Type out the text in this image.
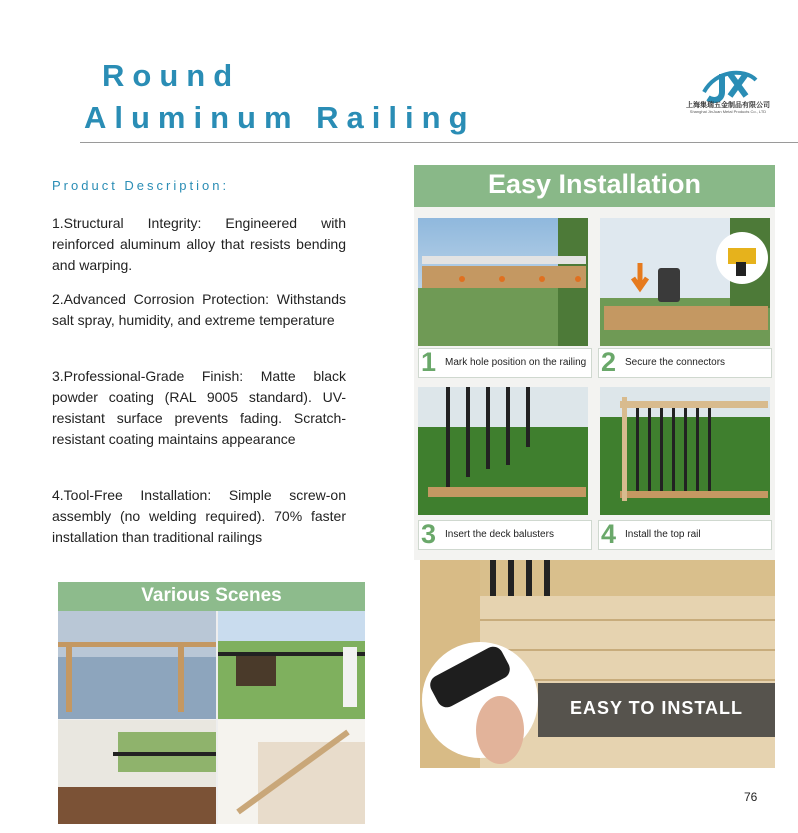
Round
Aluminum Railing	上海集瑞五金制品有限公司
Shanghai JinJuan Metal Products Co., LTD
Product Description:
1.Structural Integrity: Engineered with reinforced aluminum alloy that resists bending and warping.
2.Advanced Corrosion Protection: Withstands salt spray, humidity, and extreme temperature
3.Professional-Grade Finish: Matte black powder coating (RAL 9005 standard). UV-resistant surface prevents fading. Scratch-resistant coating maintains appearance
4.Tool-Free Installation: Simple screw-on assembly (no welding required). 70% faster installation than traditional railings
Easy Installation
1 Mark hole position on the railing 2 Secure the connectors
3 Insert the deck balusters 4 Install the top rail
Various Scenes
EASY TO INSTALL
76
